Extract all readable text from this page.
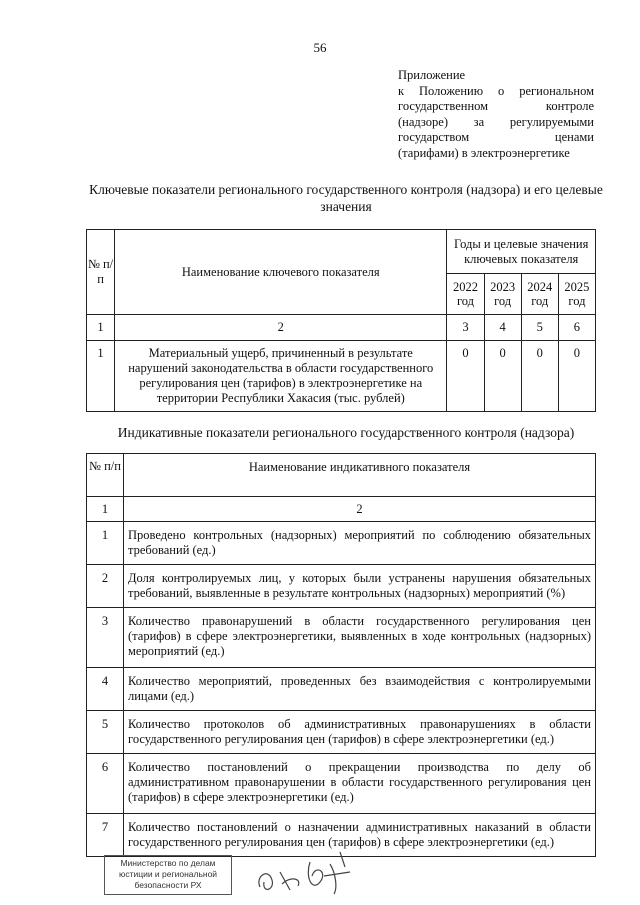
56
Приложение
к Положению о региональном
государственном контроле
(надзоре) за регулируемыми
государством ценами
(тарифами) в электроэнергетике
Ключевые показатели регионального государственного контроля (надзора) и его целевые значения
№ п/п	Наименование ключевого показателя	Годы и целевые значения ключевых показателя			
		2022 год	2023 год	2024 год	2025 год
1	2	3	4	5	6
1	Материальный ущерб, причиненный в результате нарушений законодательства в области государственного регулирования цен (тарифов) в электроэнергетике на территории Республики Хакасия (тыс. рублей)	0	0	0	0
Индикативные показатели регионального государственного контроля (надзора)
№ п/п	Наименование индикативного показателя
1	2
1	Проведено контрольных (надзорных) мероприятий по соблюдению обязательных требований (ед.)
2	Доля контролируемых лиц, у которых были устранены нарушения обязательных требований, выявленные в результате контрольных (надзорных) мероприятий (%)
3	Количество правонарушений в области государственного регулирования цен (тарифов) в сфере электроэнергетики, выявленных в ходе контрольных (надзорных) мероприятий (ед.)
4	Количество мероприятий, проведенных без взаимодействия с контролируемыми лицами (ед.)
5	Количество протоколов об административных правонарушениях в области государственного регулирования цен (тарифов) в сфере электроэнергетики (ед.)
6	Количество постановлений о прекращении производства по делу об административном правонарушении в области государственного регулирования цен (тарифов) в сфере электроэнергетики (ед.)
7	Количество постановлений о назначении административных наказаний в области государственного регулирования цен (тарифов) в сфере электроэнергетики (ед.)
Министерство по делам
юстиции и региональной
безопасности РХ
